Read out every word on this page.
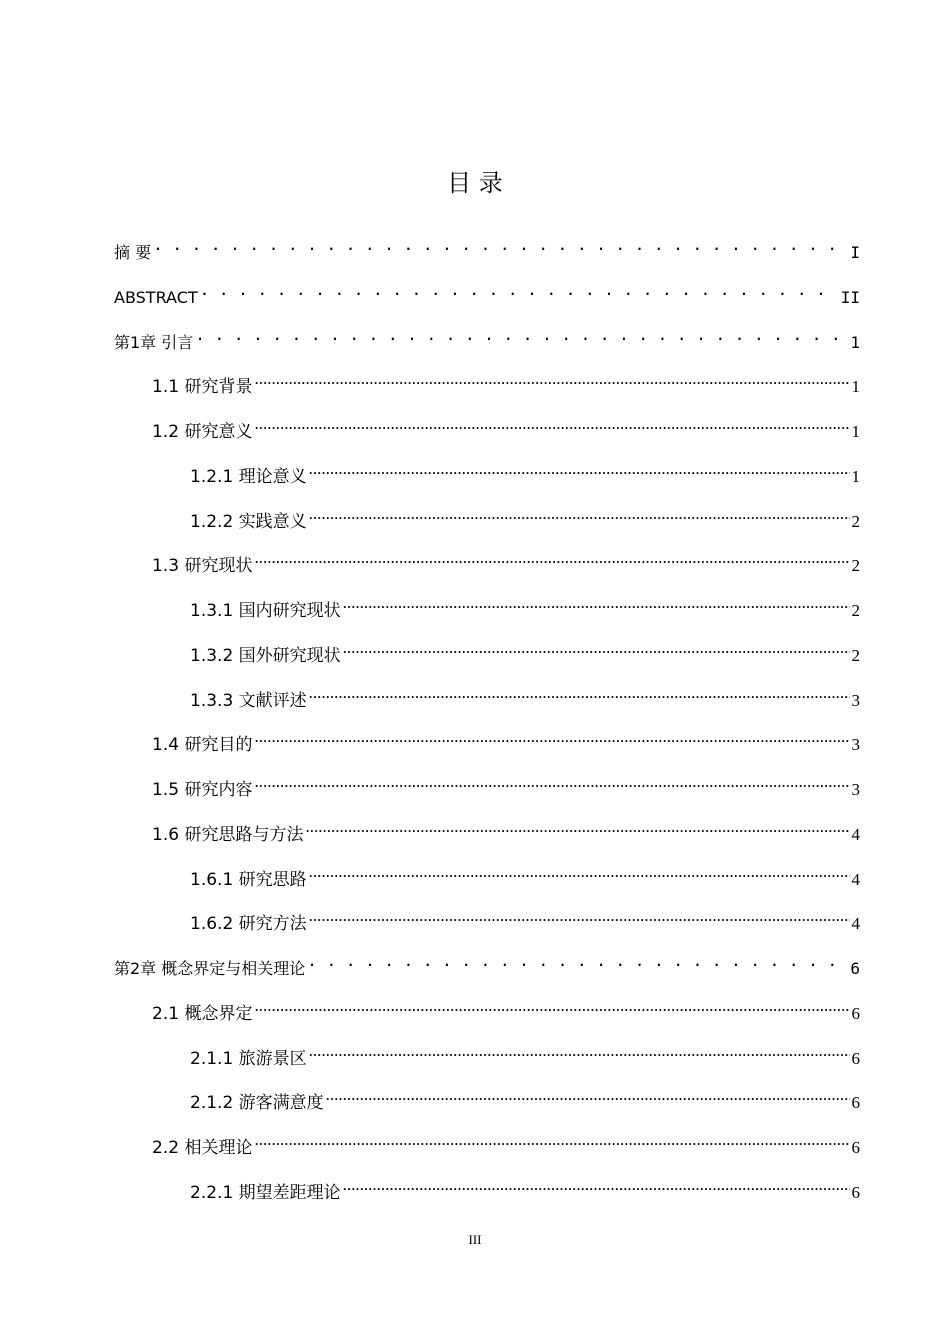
目 录
摘 要 . . .	I
ABSTRACT . . .	II
第1章 引言 . . .	1
1.1 研究背景 .....	1
1.2 研究意义 .....	1
1.2.1 理论意义 .....	1
1.2.2 实践意义 .....	2
1.3 研究现状 .....	2
1.3.1 国内研究现状 .....	2
1.3.2 国外研究现状 .....	2
1.3.3 文献评述 .....	3
1.4 研究目的 .....	3
1.5 研究内容 .....	3
1.6 研究思路与方法 .....	4
1.6.1 研究思路 .....	4
1.6.2 研究方法 .....	4
第2章 概念界定与相关理论 . . .	6
2.1 概念界定 .....	6
2.1.1 旅游景区 .....	6
2.1.2 游客满意度 .....	6
2.2 相关理论 .....	6
2.2.1 期望差距理论 .....	6
III
